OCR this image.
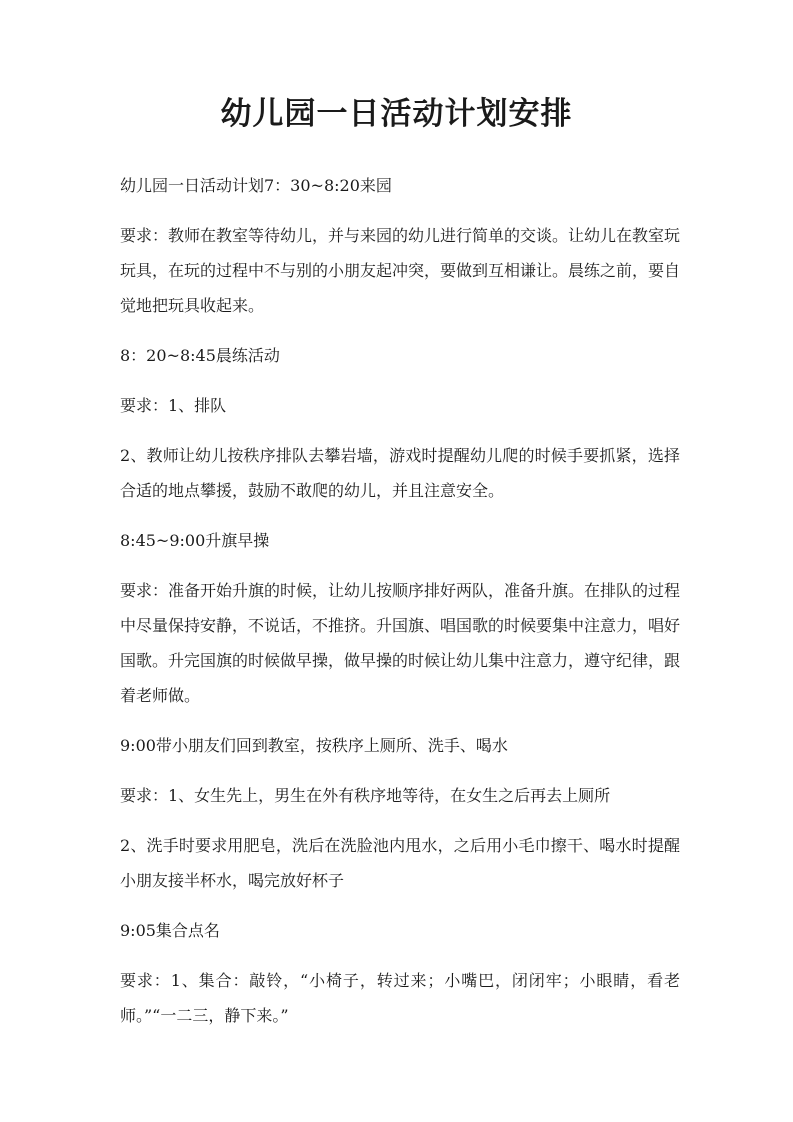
幼儿园一日活动计划安排

幼儿园一日活动计划7：30~8:20来园

要求：教师在教室等待幼儿，并与来园的幼儿进行简单的交谈。让幼儿在教室玩玩具，在玩的过程中不与别的小朋友起冲突，要做到互相谦让。晨练之前，要自觉地把玩具收起来。

8：20~8:45晨练活动

要求：1、排队

2、教师让幼儿按秩序排队去攀岩墙，游戏时提醒幼儿爬的时候手要抓紧，选择合适的地点攀援，鼓励不敢爬的幼儿，并且注意安全。

8:45~9:00升旗早操

要求：准备开始升旗的时候，让幼儿按顺序排好两队，准备升旗。在排队的过程中尽量保持安静，不说话，不推挤。升国旗、唱国歌的时候要集中注意力，唱好国歌。升完国旗的时候做早操，做早操的时候让幼儿集中注意力，遵守纪律，跟着老师做。

9:00带小朋友们回到教室，按秩序上厕所、洗手、喝水

要求：1、女生先上，男生在外有秩序地等待，在女生之后再去上厕所

2、洗手时要求用肥皂，洗后在洗脸池内甩水，之后用小毛巾擦干、喝水时提醒小朋友接半杯水，喝完放好杯子

9:05集合点名

要求：1、集合：敲铃，“小椅子，转过来；小嘴巴，闭闭牢；小眼睛，看老师。”“一二三，静下来。”
